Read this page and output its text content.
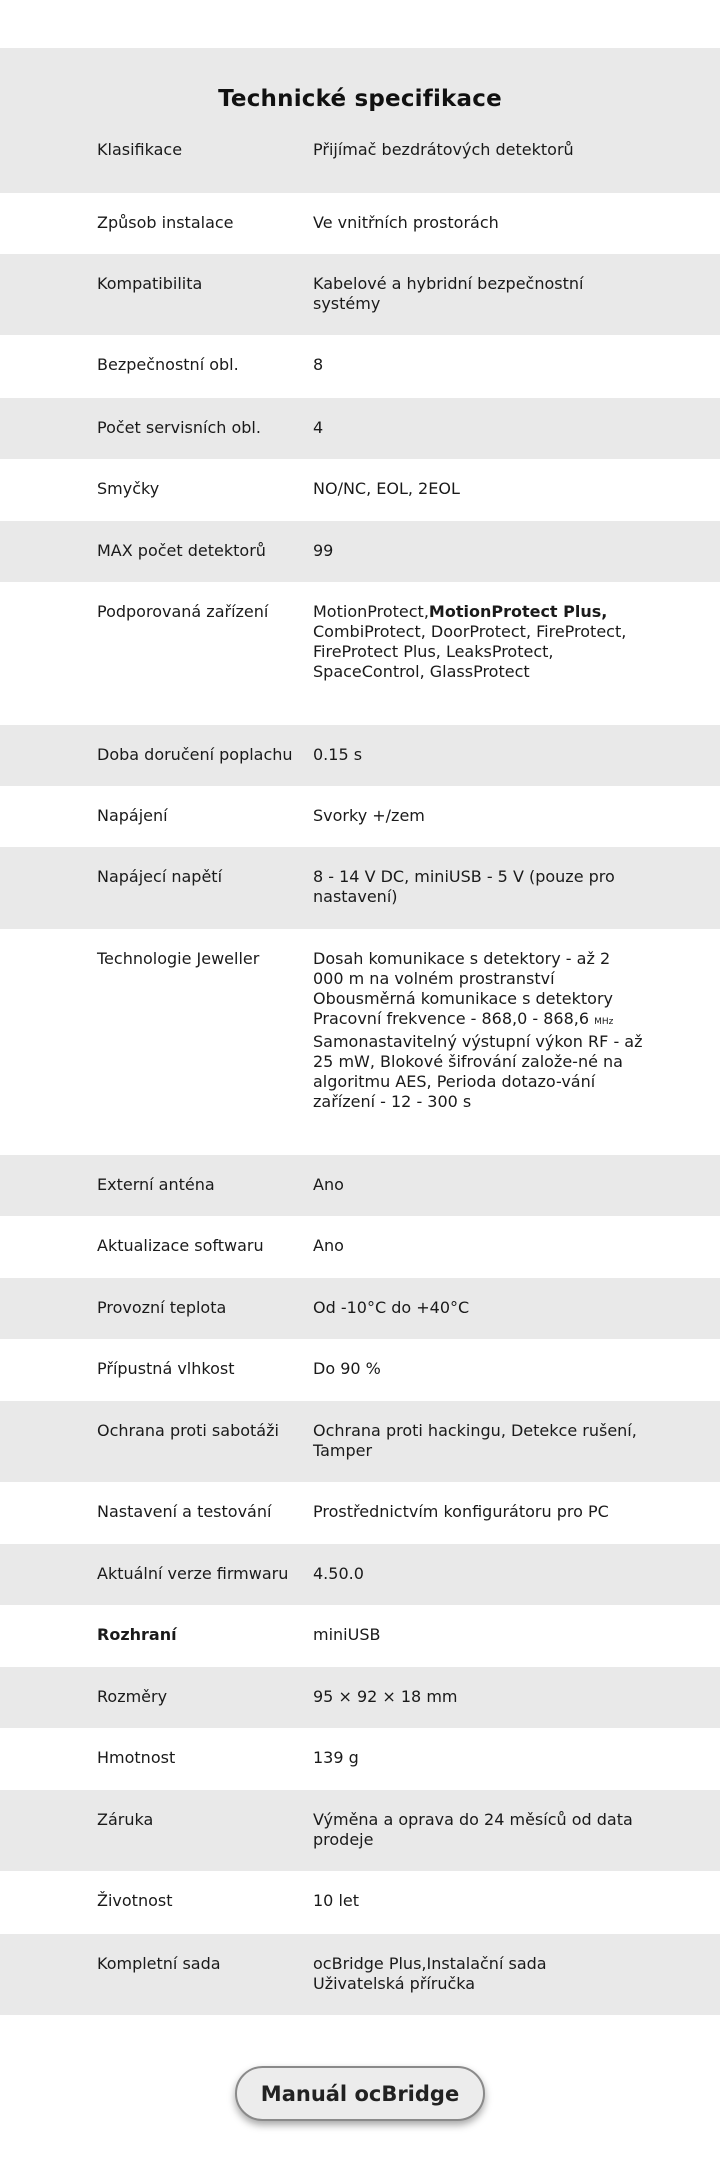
Technické specifikace
Klasifikace	Přijímač bezdrátových detektorů
Způsob instalace	Ve vnitřních prostorách
Kompatibilita	Kabelové a hybridní bezpečnostní systémy
Bezpečnostní obl.	8
Počet servisních obl.	4
Smyčky	NO/NC, EOL, 2EOL
MAX počet detektorů	99
Podporovaná zařízení	MotionProtect,MotionProtect Plus, CombiProtect, DoorProtect, FireProtect, FireProtect Plus, LeaksProtect, SpaceControl, GlassProtect
Doba doručení poplachu	0.15 s
Napájení	Svorky +/zem
Napájecí napětí	8 - 14 V DC, miniUSB - 5 V (pouze pro nastavení)
Technologie Jeweller	Dosah komunikace s detektory - až 2 000 m na volném prostranství Obousměrná komunikace s detektory Pracovní frekvence - 868,0 - 868,6 MHz Samonastavitelný výstupní výkon RF - až 25 mW, Blokové šifrování založe-né na algoritmu AES, Perioda dotazo-vání zařízení - 12 - 300 s
Externí anténa	Ano
Aktualizace softwaru	Ano
Provozní teplota	Od -10°C do +40°C
Přípustná vlhkost	Do 90 %
Ochrana proti sabotáži	Ochrana proti hackingu, Detekce rušení, Tamper
Nastavení a testování	Prostřednictvím konfigurátoru pro PC
Aktuální verze firmwaru	4.50.0
Rozhraní	miniUSB
Rozměry	95 × 92 × 18 mm
Hmotnost	139 g
Záruka	Výměna a oprava do 24 měsíců od data prodeje
Životnost	10 let
Kompletní sada	ocBridge Plus,Instalační sada
Uživatelská příručka
Manuál ocBridge
